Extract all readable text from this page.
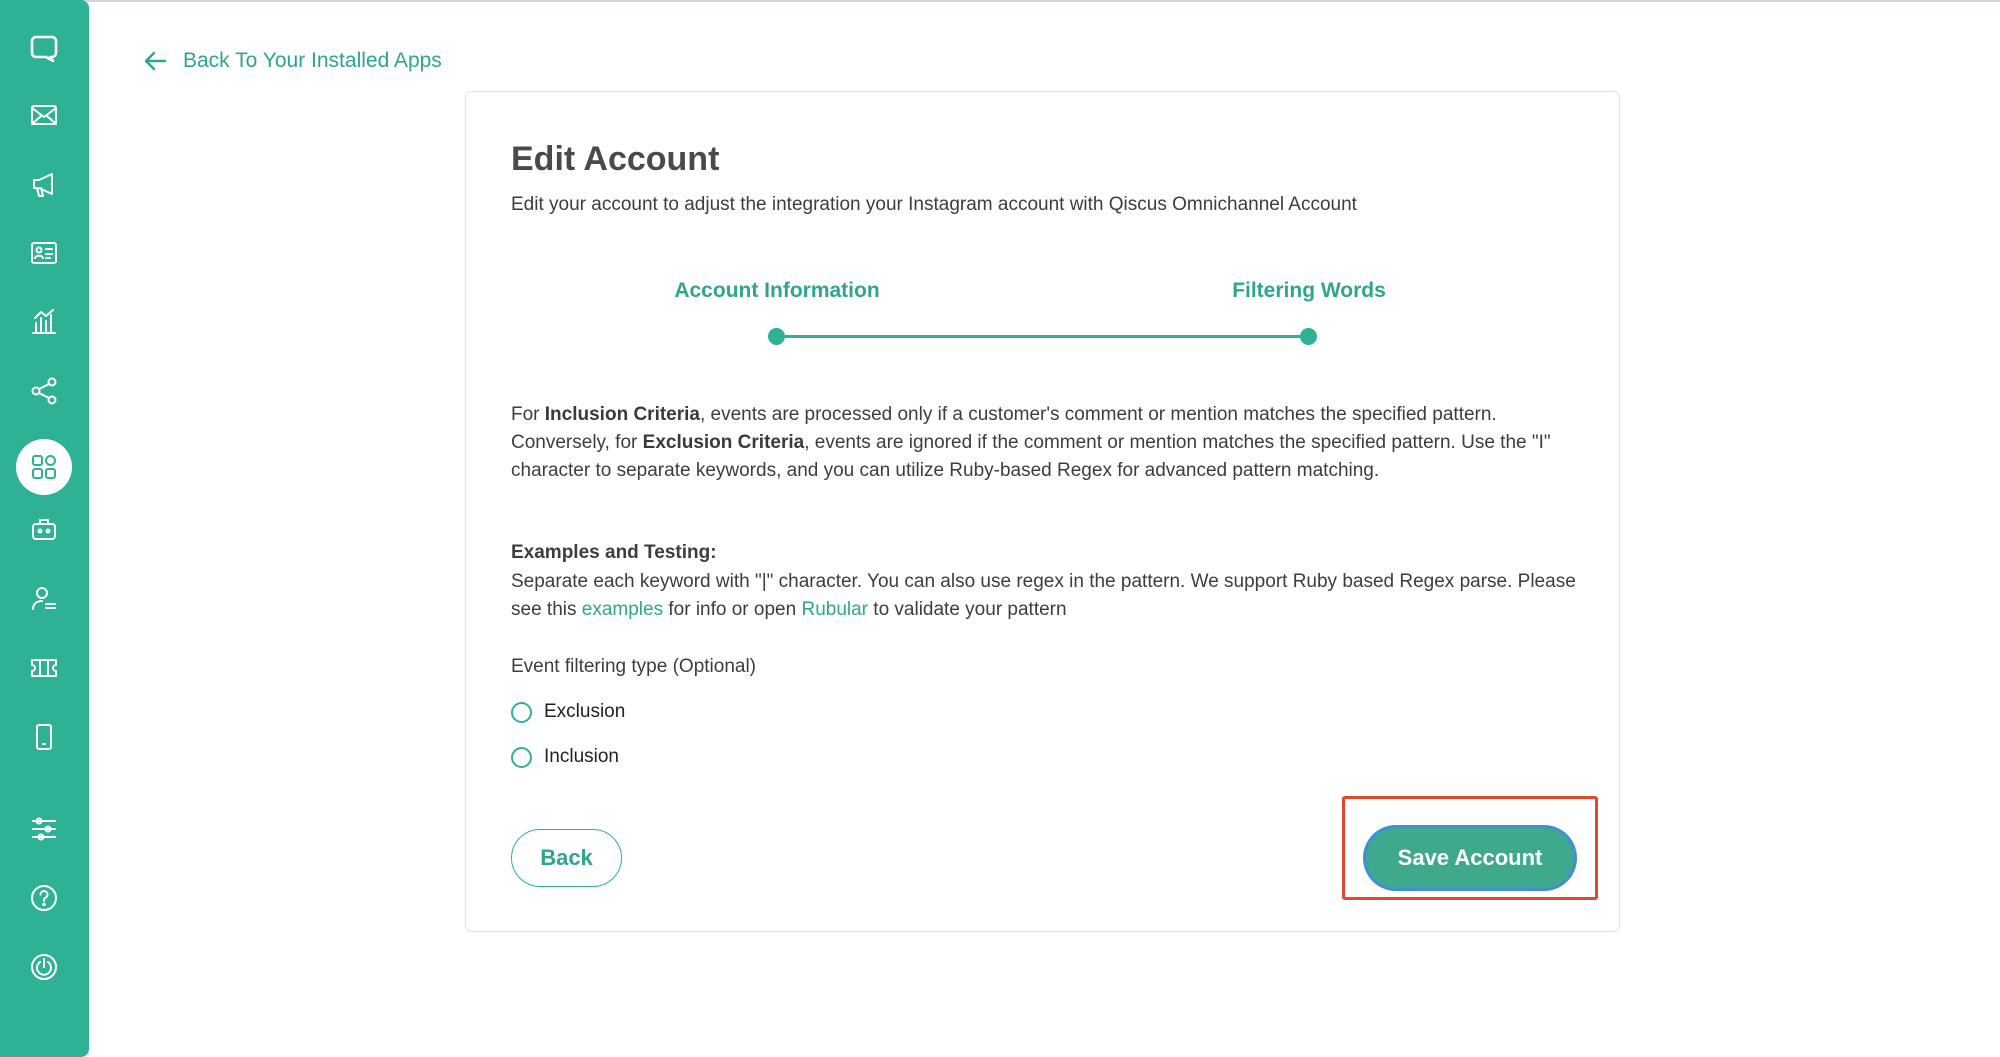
Back To Your Installed Apps
Edit Account

Edit your account to adjust the integration your Instagram account with Qiscus Omnichannel Account

Account Information	Filtering Words

For Inclusion Criteria, events are processed only if a customer's comment or mention matches the specified pattern. Conversely, for Exclusion Criteria, events are ignored if the comment or mention matches the specified pattern. Use the "I" character to separate keywords, and you can utilize Ruby-based Regex for advanced pattern matching.

Examples and Testing:

Separate each keyword with "|" character. You can also use regex in the pattern. We support Ruby based Regex parse. Please see this examples for info or open Rubular to validate your pattern

Event filtering type (Optional)
Exclusion
Inclusion
Back	Save Account
